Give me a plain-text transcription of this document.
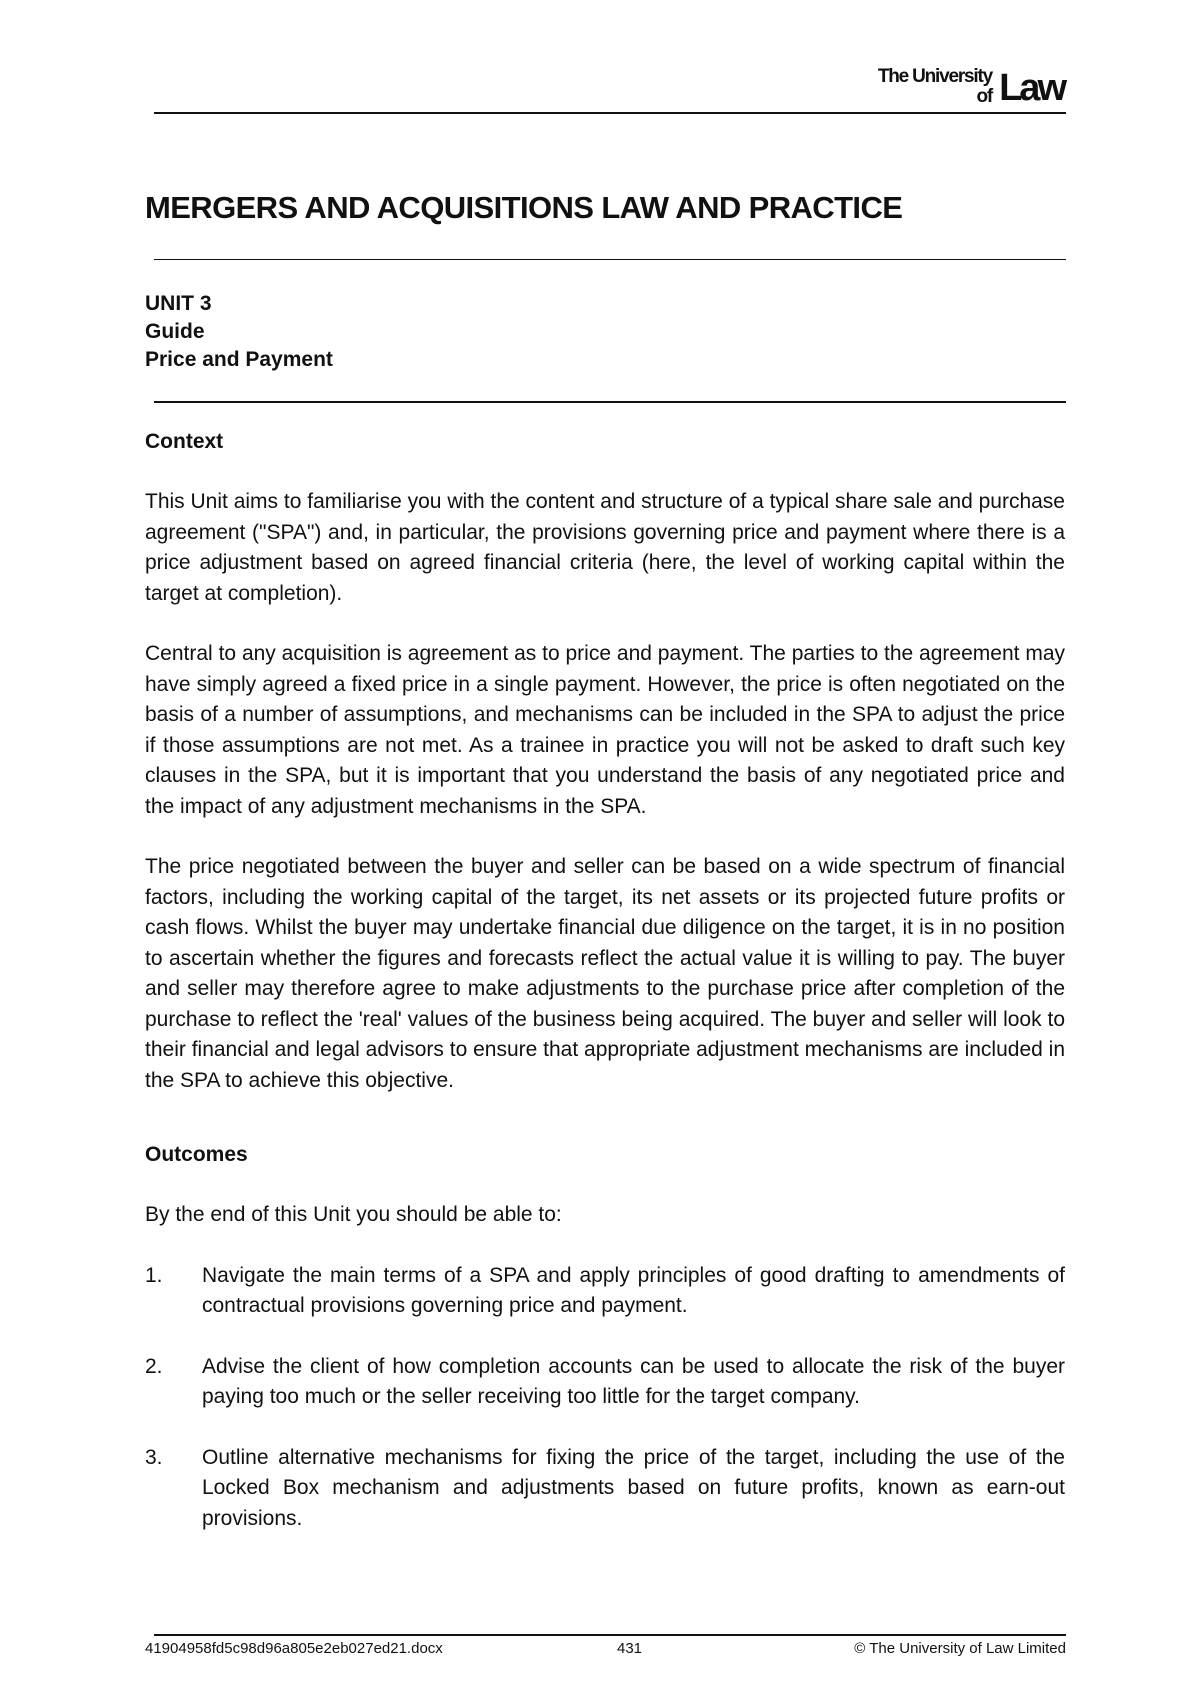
The University
of Law
MERGERS AND ACQUISITIONS LAW AND PRACTICE
UNIT 3
Guide
Price and Payment
Context

This Unit aims to familiarise you with the content and structure of a typical share sale and purchase agreement ("SPA") and, in particular, the provisions governing price and payment where there is a price adjustment based on agreed financial criteria (here, the level of working capital within the target at completion).

Central to any acquisition is agreement as to price and payment. The parties to the agreement may have simply agreed a fixed price in a single payment. However, the price is often negotiated on the basis of a number of assumptions, and mechanisms can be included in the SPA to adjust the price if those assumptions are not met. As a trainee in practice you will not be asked to draft such key clauses in the SPA, but it is important that you understand the basis of any negotiated price and the impact of any adjustment mechanisms in the SPA.

The price negotiated between the buyer and seller can be based on a wide spectrum of financial factors, including the working capital of the target, its net assets or its projected future profits or cash flows. Whilst the buyer may undertake financial due diligence on the target, it is in no position to ascertain whether the figures and forecasts reflect the actual value it is willing to pay. The buyer and seller may therefore agree to make adjustments to the purchase price after completion of the purchase to reflect the 'real' values of the business being acquired. The buyer and seller will look to their financial and legal advisors to ensure that appropriate adjustment mechanisms are included in the SPA to achieve this objective.

Outcomes

By the end of this Unit you should be able to:

1.	Navigate the main terms of a SPA and apply principles of good drafting to amendments of contractual provisions governing price and payment.
2.	Advise the client of how completion accounts can be used to allocate the risk of the buyer paying too much or the seller receiving too little for the target company.
3.	Outline alternative mechanisms for fixing the price of the target, including the use of the Locked Box mechanism and adjustments based on future profits, known as earn-out provisions.
41904958fd5c98d96a805e2eb027ed21.docx	431	© The University of Law Limited
